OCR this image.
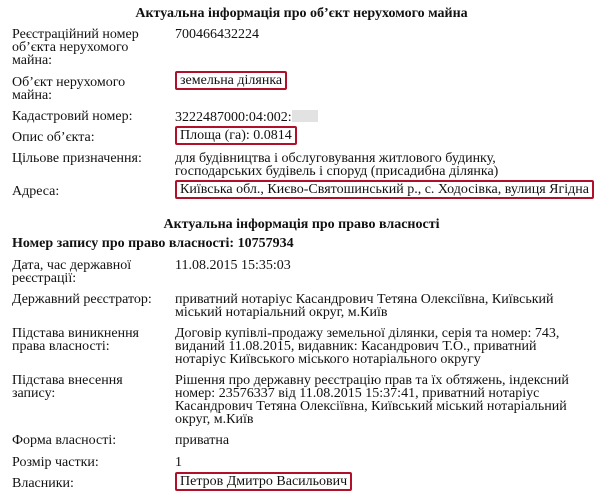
Актуальна інформація про об’єкт нерухомого майна
Реєстраційний номер об’єкта нерухомого майна:
700466432224
Об’єкт нерухомого майна:
земельна ділянка
Кадастровий номер:	3222487000:04:002:
Опис об’єкта:	Площа (га): 0.0814
Цільове призначення:	для будівництва і обслуговування житлового будинку, господарських будівель і споруд (присадибна ділянка)
Адреса:	Київська обл., Києво-Святошинський р., с. Ходосівка, вулиця Ягідна
Актуальна інформація про право власності
Номер запису про право власності: 10757934
Дата, час державної реєстрації:
11.08.2015 15:35:03
Державний реєстратор:	приватний нотаріус Касандрович Тетяна Олексіївна, Київський міський нотаріальний округ, м.Київ
Підстава виникнення права власності:
Договір купівлі-продажу земельної ділянки, серія та номер: 743, виданий 11.08.2015, видавник: Касандрович Т.О., приватний нотаріус Київського міського нотаріального округу
Підстава внесення запису:
Рішення про державну реєстрацію прав та їх обтяжень, індексний номер: 23576337 від 11.08.2015 15:37:41, приватний нотаріус Касандрович Тетяна Олексіївна, Київський міський нотаріальний округ, м.Київ
Форма власності:	приватна
Розмір частки:	1
Власники:	Петров Дмитро Васильович
